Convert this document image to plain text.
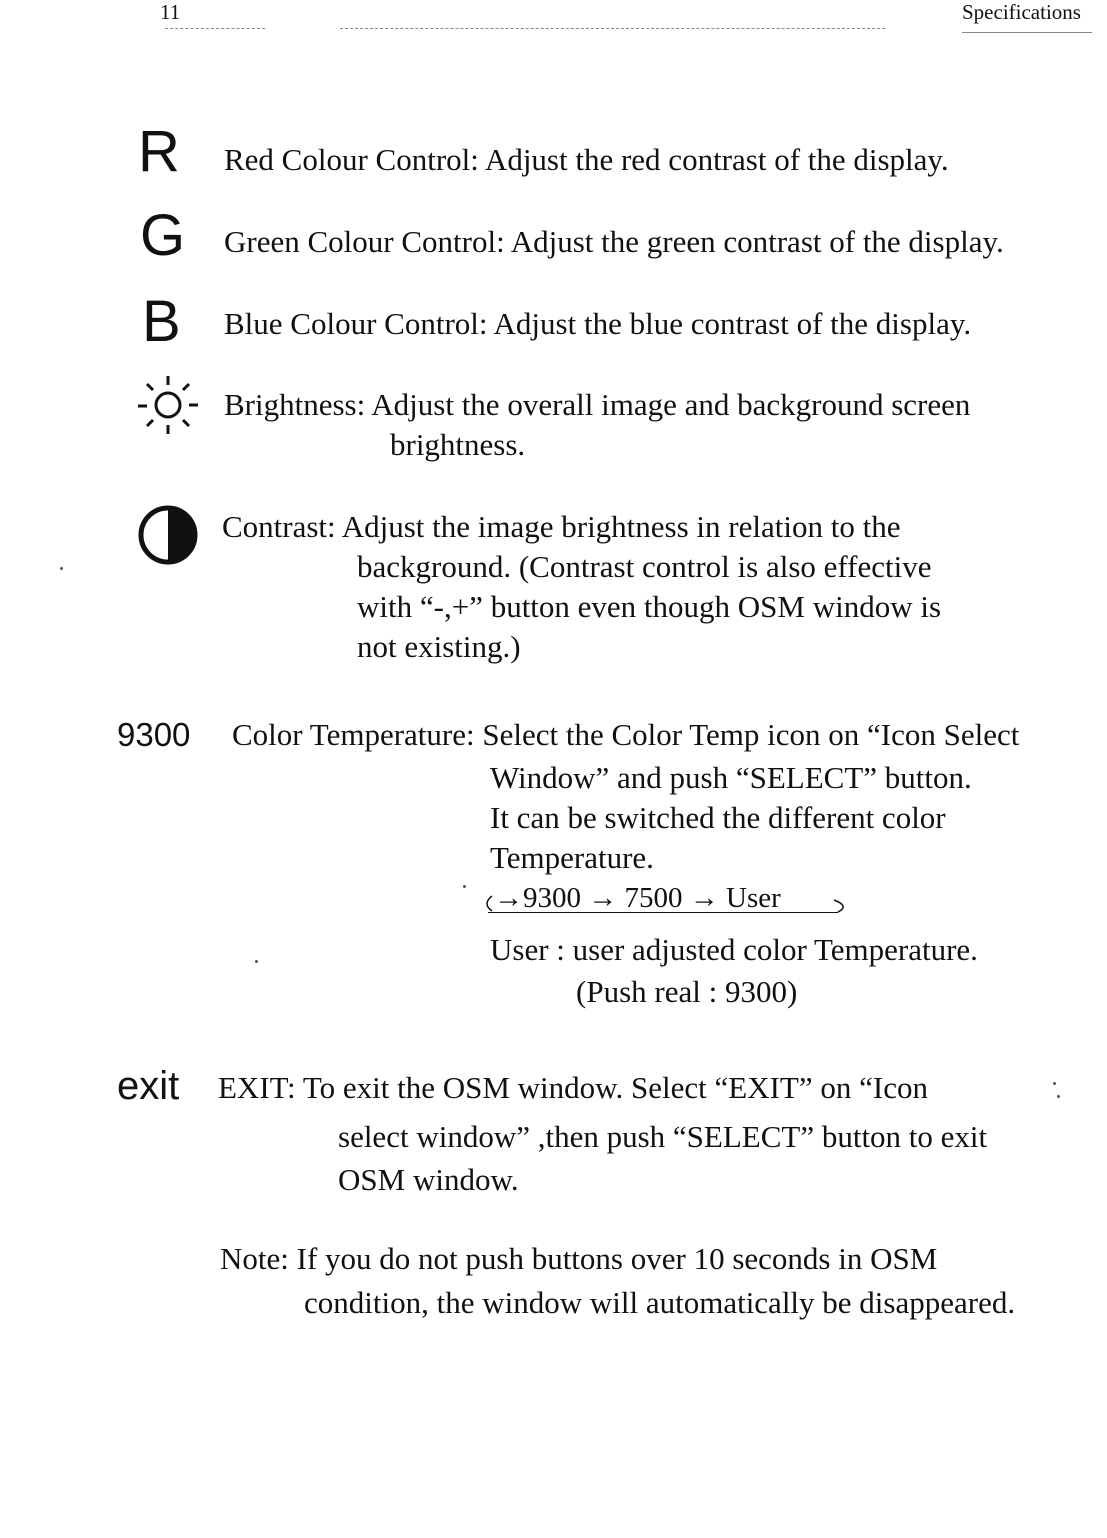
11	Specifications
R Red Colour Control: Adjust the red contrast of the display.
G Green Colour Control: Adjust the green contrast of the display.
B Blue Colour Control: Adjust the blue contrast of the display.
Brightness: Adjust the overall image and background screen
brightness.
Contrast: Adjust the image brightness in relation to the
background. (Contrast control is also effective
with “-,+” button even though OSM window is
not existing.)
9300 Color Temperature: Select the Color Temp icon on “Icon Select
Window” and push “SELECT” button.
It can be switched the different color
Temperature.
→9300 → 7500 → User
User : user adjusted color Temperature.
(Push real : 9300)
exit EXIT: To exit the OSM window. Select “EXIT” on “Icon
select window” ,then push “SELECT” button to exit
OSM window.
Note: If you do not push buttons over 10 seconds in OSM
condition, the window will automatically be disappeared.
